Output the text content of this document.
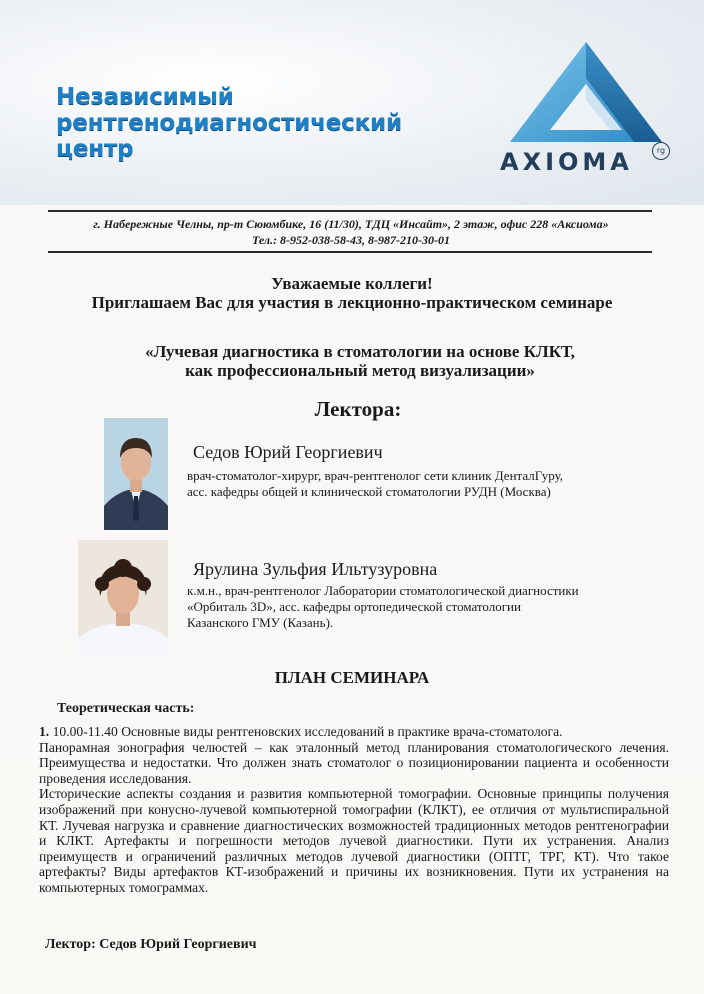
Независимый
рентгенодиагностический
центр	AXIOMA	rg
г. Набережные Челны, пр-т Сююмбике, 16 (11/30), ТДЦ «Инсайт», 2 этаж, офис 228 «Аксиома»
Тел.: 8-952-038-58-43, 8-987-210-30-01
Уважаемые коллеги!
Приглашаем Вас для участия в лекционно-практическом семинаре
«Лучевая диагностика в стоматологии на основе КЛКТ,
как профессиональный метод визуализации»
Лектора:
Седов Юрий Георгиевич
врач-стоматолог-хирург, врач-рентгенолог сети клиник ДенталГуру,
асс. кафедры общей и клинической стоматологии РУДН (Москва)
Ярулина Зульфия Ильтузуровна
к.м.н., врач-рентгенолог Лаборатории стоматологической диагностики
«Орбиталь 3D», асс. кафедры ортопедической стоматологии
Казанского ГМУ (Казань).
ПЛАН СЕМИНАРА
Теоретическая часть:

1. 10.00-11.40 Основные виды рентгеновских исследований в практике врача-стоматолога.

Панорамная зонография челюстей – как эталонный метод планирования стоматологического лечения. Преимущества и недостатки. Что должен знать стоматолог о позиционировании пациента и особенности проведения исследования.

Исторические аспекты создания и развития компьютерной томографии. Основные принципы получения изображений при конусно-лучевой компьютерной томографии (КЛКТ), ее отличия от мультиспиральной КТ. Лучевая нагрузка и сравнение диагностических возможностей традиционных методов рентгенографии и КЛКТ. Артефакты и погрешности методов лучевой диагностики. Пути их устранения. Анализ преимуществ и ограничений различных методов лучевой диагностики (ОПТГ, ТРГ, КТ). Что такое артефакты? Виды артефактов КТ-изображений и причины их возникновения. Пути их устранения на компьютерных томограммах.

Лектор: Седов Юрий Георгиевич
